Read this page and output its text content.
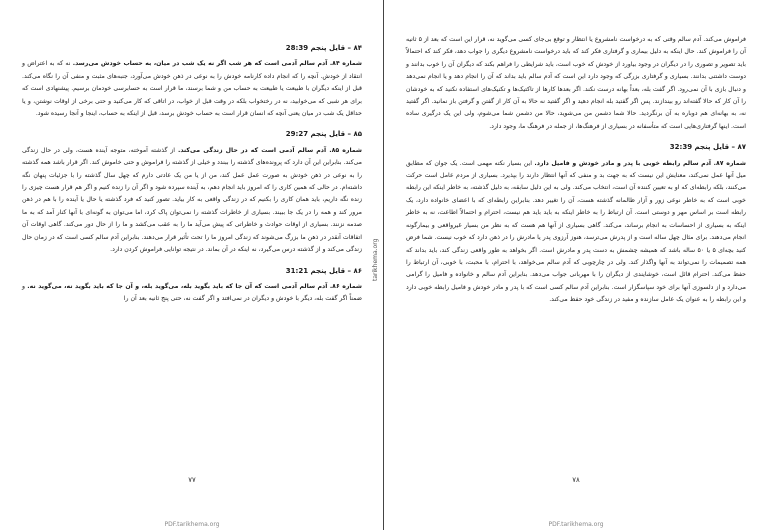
۸۴ – قایل پنجم 28:39

شماره ۸۴. آدم سالم آدمی است که هر شب اگر نه یک شب در میان، به حساب خودش می‌رسد. نه که به اعتراض و انتقاد از خودش. آنچه را که انجام داده کارنامه خودش را به نوعی در ذهن خودش می‌آورد، جنبه‌های مثبت و منفی آن را نگاه می‌کند. قبل از اینکه دیگران با طبیعت یا طبیعت به حساب من و شما برسند، ما قرار است به حسابرسی خودمان برسیم. پیشنهادی است که برای هر شبی که می‌خوابید، نه در رختخواب بلکه در وقت قبل از خواب، در اتاقی که کار می‌کنید و حتی برخی از اوقات نوشتن، و یا حداقل یک شب در میان یعنی آنچه که انسان قرار است به حساب خودش برسد، قبل از اینکه به حساب، اینجا و آنجا رسیده شود.

۸۵ – قایل پنجم 29:27

شماره ۸۵. آدم سالم آدمی است که در حال زندگی می‌کند. از گذشته آموخته، متوجه آینده هست، ولی در حال زندگی می‌کند. بنابراین این آن دارد که پرونده‌های گذشته را ببندد و خیلی از گذشته را فراموش و حتی خاموش کند. اگر قرار باشد همه گذشته را به نوعی در ذهن خودش به صورت عمل عمل کند، من از یا من یک عادتی دارم که چهل سال گذشته را با جزئیات پنهان نگه داشته‌ام. در حالی که همین کاری را که امروز باید انجام دهم، به آینده سپرده شود و اگر آن را زنده کنیم و اگر هم قرار هست چیزی را زنده نگه داریم، باید همان کاری را بکنیم که در زندگی واقعی به کار بیاید. تصور کنید که فرد گذشته یا حال یا آینده را با هم در ذهن مرور کند و همه را در یک جا ببیند. بسیاری از خاطرات گذشته را نمی‌توان پاک کرد، اما می‌توان به گونه‌ای با آنها کنار آمد که به ما صدمه نزنند. بسیاری از اوقات حوادث و خاطراتی که پیش می‌آید ما را به عقب می‌کشد و ما را از حال دور می‌کند. گاهی اوقات آن اتفاقات آنقدر در ذهن ما بزرگ می‌شوند که زندگی امروز ما را تحت تأثیر قرار می‌دهند. بنابراین آدم سالم کسی است که در زمان حال زندگی می‌کند و از گذشته درس می‌گیرد، نه اینکه در آن بماند. در نتیجه توانایی فراموش کردن دارد.

۸۶ – قایل پنجم 31:21

شماره ۸۶. آدم سالم آدمی است که آن جا که باید بگوید بله، می‌گوید بله، و آن جا که باید بگوید نه، می‌گوید نه. و ضمناً اگر گفت بله، دیگر با خودش و دیگران در نمی‌افتد و اگر گفت نه، حتی پنج ثانیه بعد آن را

۷۷
PDF.tarikhema.org
tarikhema.org

فراموش می‌کند. آدم سالم وقتی که به درخواست نامشروع یا انتظار و توقع بی‌جای کسی می‌گوید نه، قرار این است که بعد از ۵ ثانیه آن را فراموش کند. حال اینکه به دلیل بیماری و گرفتاری فکر کند که باید درخواست نامشروع دیگری را جواب دهد، فکر کند که احتمالاً باید تصویر و تصوری را در دیگران در وجود بیاورد از خودش که خوب است، باید شرایطی را فراهم بکند که دیگران آن را خوب بدانند و دوست داشتنی بدانند. بسیاری و گرفتاری بزرگی که وجود دارد این است که آدم سالم باید بداند که آن را انجام دهد و یا انجام نمی‌دهد و دنبال بازی با آن نمی‌رود. اگر گفت بله، بعداً بهانه درست نکند. اگر بعدها کارها از تاکتیک‌ها و تکنیک‌های استفاده نکنید که به خودشان را آن کار که حالا گفته‌اند رو بیندازند. پس اگر گفتید بله انجام دهید و اگر گفتید نه حالا به آن کار از گفتن و گرفتن باز نمانید. اگر گفتید نه، به بهانه‌ای هم دوباره به آن برنگردید. حالا شما دشمن من می‌شوید، حالا من دشمن شما می‌شوم، ولی این یک درگیری ساده است. اینها گرفتاری‌هایی است که متأسفانه در بسیاری از فرهنگ‌ها، از جمله در فرهنگ ما، وجود دارد.

۸۷ – قایل پنجم 32:39

شماره ۸۷. آدم سالم رابطه خوبی با پدر و مادر خودش و فامیل دارد. این بسیار نکته مهمی است. یک جوان که مطابق میل آنها عمل نمی‌کند، معنایش این نیست که به جهت بد و منفی که آنها انتظار دارند را بپذیرد. بسیاری از مردم عامل است حرکت می‌کنند، بلکه رابطه‌ای که او به تعیین کننده آن است، انتخاب می‌کند. ولی به این دلیل سابقه، به دلیل گذشته، به خاطر اینکه این رابطه خوبی است که به خاطر نوعی زور و آزار ظالمانه گذشته هست، آن را تغییر دهد. بنابراین رابطه‌ای که با اعضای خانواده دارد، یک رابطه است بر اساس مهر و دوستی است. آن ارتباط را به خاطر اینکه به باید باید هم نیست، احترام و احتمالاً اطاعت، نه به خاطر اینکه به بسیاری از احساسات به انجام برساند، می‌کند. گاهی بسیاری از آنها هم هست که به نظر من بسیار غیرواقعی و بیمارگونه انجام می‌دهند. برای مثال چهل ساله است و از پدرش می‌ترسد، هنوز آرزوی پدر یا مادرش را در ذهن دارد که خوب نیست. شما فرض کنید بچه‌ای ۵ یا ۵۰ ساله باشد که همیشه چشمش به دست پدر و مادرش است. اگر بخواهد به طور واقعی زندگی کند، باید بداند که همه تصمیمات را نمی‌تواند به آنها واگذار کند. ولی در چارچوبی که آدم سالم می‌خواهد، با احترام، با محبت، با خوبی، آن ارتباط را حفظ می‌کند. احترام قائل است، خوشایندی از دیگران را با مهربانی جواب می‌دهد. بنابراین آدم سالم و خانواده و فامیل را گرامی می‌دارد و از دلسوزی آنها برای خود سپاسگزار است. بنابراین آدم سالم کسی است که با پدر و مادر خودش و فامیل رابطه خوبی دارد و این رابطه را به عنوان یک عامل سازنده و مفید در زندگی خود حفظ می‌کند.

۷۸
PDF.tarikhema.org
